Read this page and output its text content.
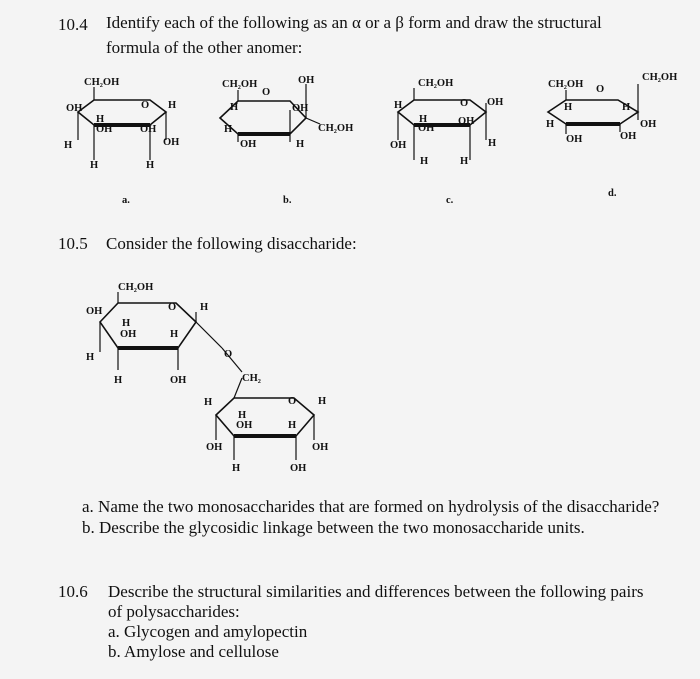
10.4 Identify each of the following as an α or a β form and draw the structural
formula of the other anomer:
CH₂OH
O
OH	H
H
OH	OH
OH
H
H	H
CH₂OH
O
OH
H	OH
CH₂OH
H
OH	H
CH₂OH
O OH
H
H
OH
OH
H
OH
H	H
CH₂OH O
CH₂OH
H	H
H	OH
OH	OH
a.	b.	c.
d.
CH₂OH
O H
OH
H
OH	H
H	O
H	OH	CH₂
O H
H
H
OH	H
OH	OH
H	OH
10.5 Consider the following disaccharide:
a. Name the two monosaccharides that are formed on hydrolysis of the disaccharide?
b. Describe the glycosidic linkage between the two monosaccharide units.
10.6 Describe the structural similarities and differences between the following pairs
of polysaccharides:
a. Glycogen and amylopectin
b. Amylose and cellulose
